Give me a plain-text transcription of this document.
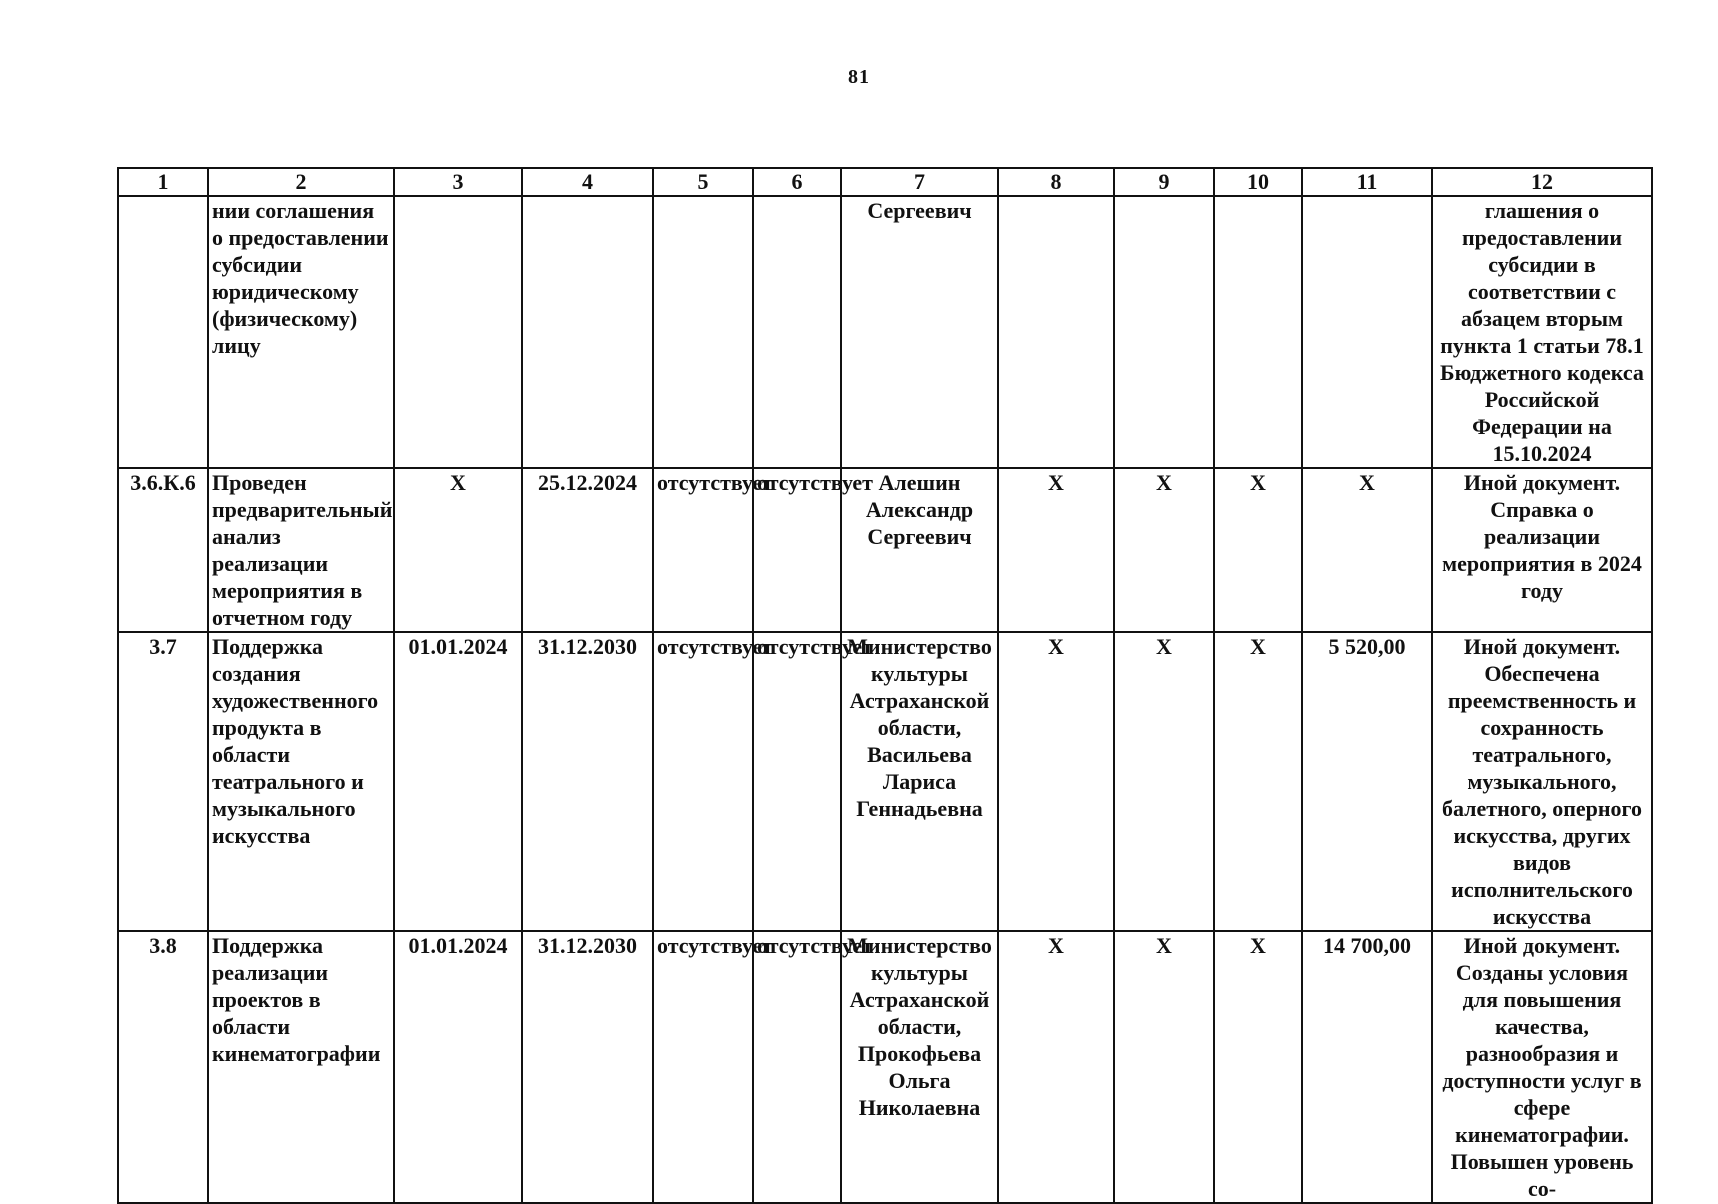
81
1	2	3	4	5	6	7	8	9	10	11	12
	нии соглашения о предоставлении субсидии юридическому (физическому) лицу					Сергеевич					глашения о предоставлении субсидии в соответствии с абзацем вторым пункта 1 статьи 78.1 Бюджетного кодекса Российской Федерации на 15.10.2024
3.6.К.6	Проведен предварительный анализ реализации мероприятия в отчетном году	X	25.12.2024	отсутствует	отсутствует	Алешин Александр Сергеевич	X	X	X	X	Иной документ. Справка о реализации мероприятия в 2024 году
3.7	Поддержка создания художественного продукта в области театрального и музыкального искусства	01.01.2024	31.12.2030	отсутствует	отсутствует	Министерство культуры Астраханской области, Васильева Лариса Геннадьевна	X	X	X	5 520,00	Иной документ. Обеспечена преемственность и сохранность театрального, музыкального, балетного, оперного искусства, других видов исполнительского искусства
3.8	Поддержка реализации проектов в области кинематографии	01.01.2024	31.12.2030	отсутствует	отсутствует	Министерство культуры Астраханской области, Прокофьева Ольга Николаевна	X	X	X	14 700,00	Иной документ. Созданы условия для повышения качества, разнообразия и доступности услуг в сфере кинематографии. Повышен уровень со-
